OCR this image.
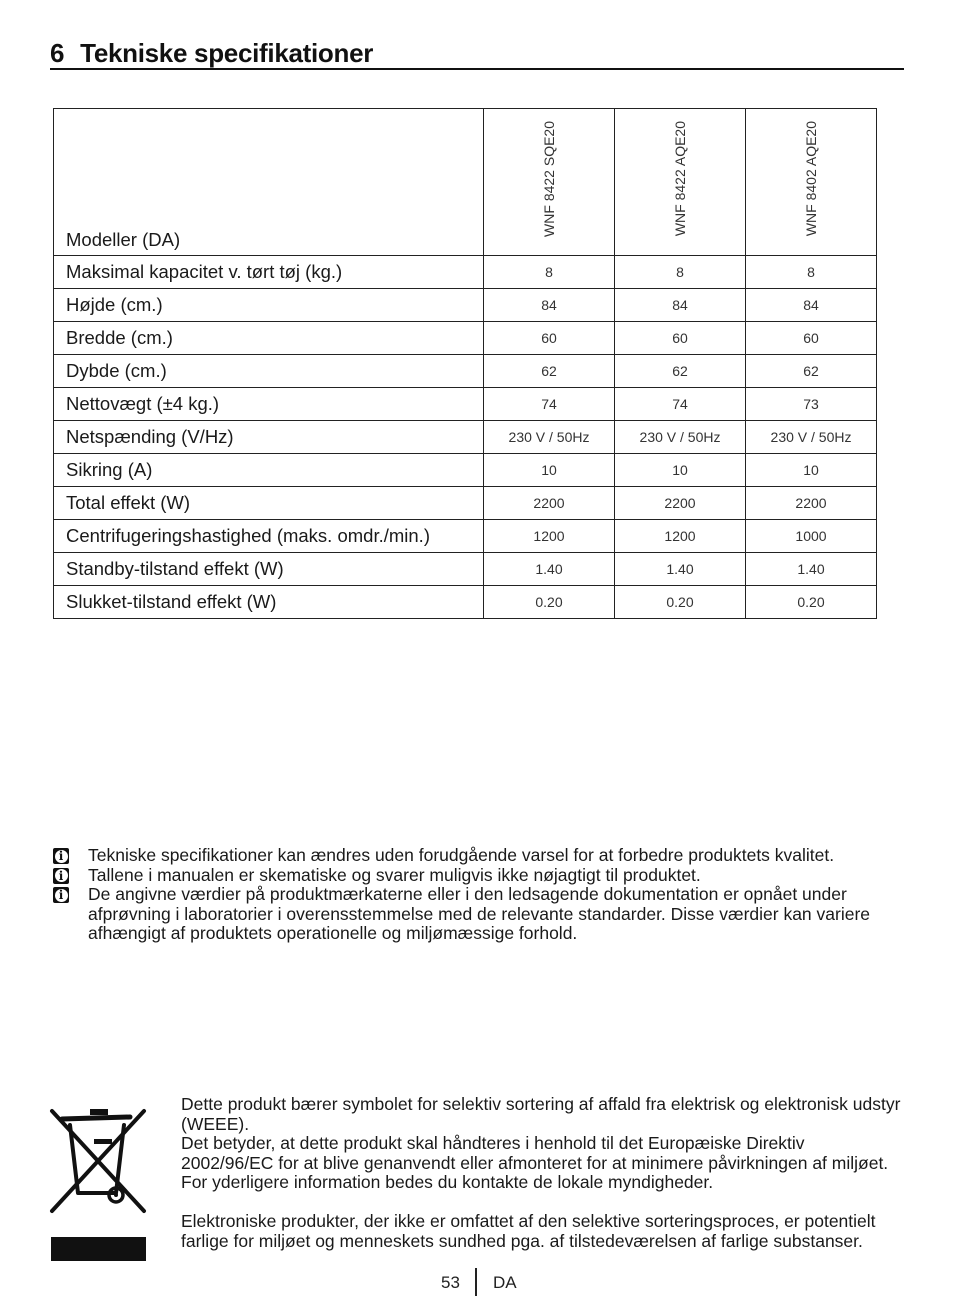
6 Tekniske specifikationer
Modeller (DA)	WNF 8422 SQE20	WNF 8422 AQE20	WNF 8402 AQE20

Maksimal kapacitet v. tørt tøj (kg.)	8	8	8
Højde (cm.)	84	84	84
Bredde (cm.)	60	60	60
Dybde (cm.)	62	62	62
Nettovægt (±4 kg.)	74	74	73
Netspænding (V/Hz)	230 V / 50Hz	230 V / 50Hz	230 V / 50Hz
Sikring (A)	10	10	10
Total effekt (W)	2200	2200	2200
Centrifugeringshastighed (maks. omdr./min.)	1200	1200	1000
Standby-tilstand effekt (W)	1.40	1.40	1.40
Slukket-tilstand effekt (W)	0.20	0.20	0.20
i
Tekniske specifikationer kan ændres uden forudgående varsel for at forbedre produktets kvalitet.
i
Tallene i manualen er skematiske og svarer muligvis ikke nøjagtigt til produktet.
i
De angivne værdier på produktmærkaterne eller i den ledsagende dokumentation er opnået under afprøvning i laboratorier i overensstemmelse med de relevante standarder. Disse værdier kan variere afhængigt af produktets operationelle og miljømæssige forhold.

Dette produkt bærer symbolet for selektiv sortering af affald fra elektrisk og elektronisk udstyr (WEEE).
Det betyder, at dette produkt skal håndteres i henhold til det Europæiske Direktiv 2002/96/EC for at blive genanvendt eller afmonteret for at minimere påvirkningen af miljøet. For yderligere information bedes du kontakte de lokale myndigheder.

Elektroniske produkter, der ikke er omfattet af den selektive sorteringsproces, er potentielt farlige for miljøet og menneskets sundhed pga. af tilstedeværelsen af farlige substanser.

53 DA
